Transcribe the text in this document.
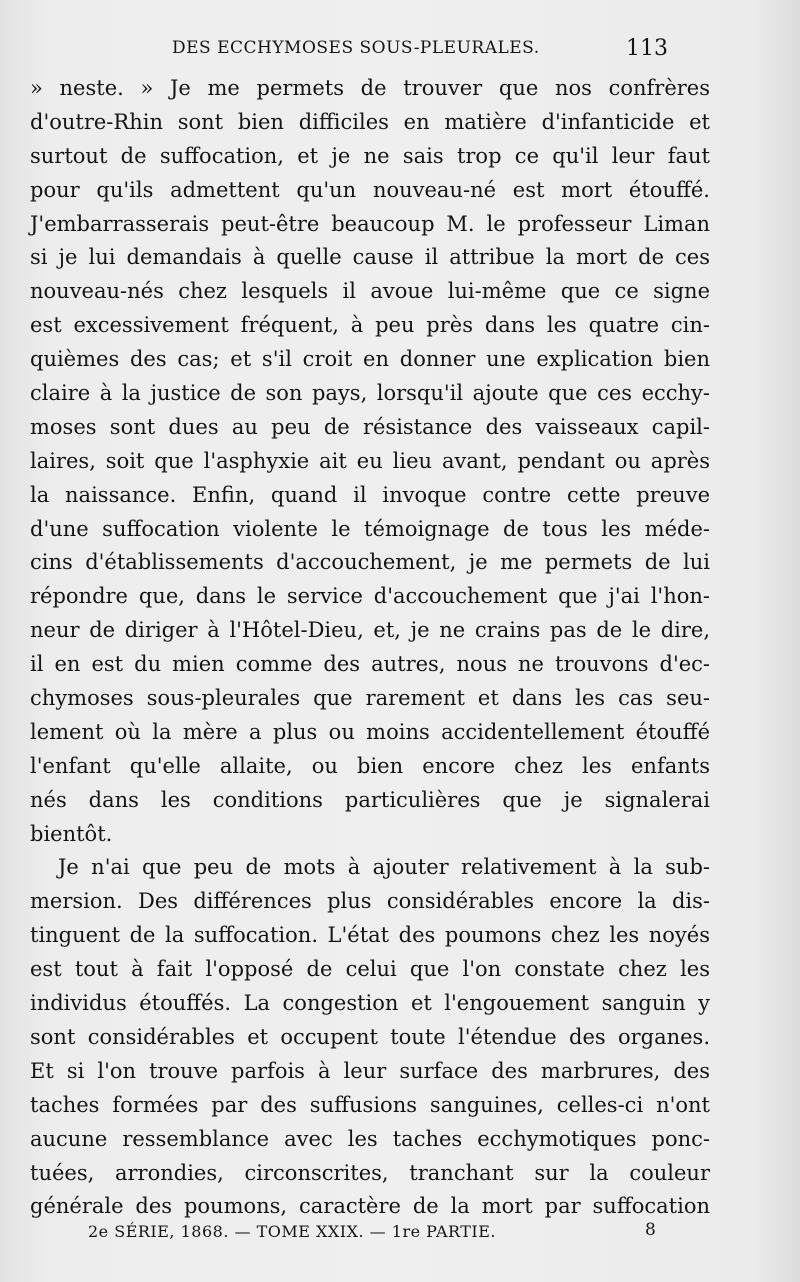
DES ECCHYMOSES SOUS-PLEURALES.	113
» neste. » Je me permets de trouver que nos confrères
d'outre-Rhin sont bien difficiles en matière d'infanticide et
surtout de suffocation, et je ne sais trop ce qu'il leur faut
pour qu'ils admettent qu'un nouveau-né est mort étouffé.
J'embarrasserais peut-être beaucoup M. le professeur Liman
si je lui demandais à quelle cause il attribue la mort de ces
nouveau-nés chez lesquels il avoue lui-même que ce signe
est excessivement fréquent, à peu près dans les quatre cin-
quièmes des cas; et s'il croit en donner une explication bien
claire à la justice de son pays, lorsqu'il ajoute que ces ecchy-
moses sont dues au peu de résistance des vaisseaux capil-
laires, soit que l'asphyxie ait eu lieu avant, pendant ou après
la naissance. Enfin, quand il invoque contre cette preuve
d'une suffocation violente le témoignage de tous les méde-
cins d'établissements d'accouchement, je me permets de lui
répondre que, dans le service d'accouchement que j'ai l'hon-
neur de diriger à l'Hôtel-Dieu, et, je ne crains pas de le dire,
il en est du mien comme des autres, nous ne trouvons d'ec-
chymoses sous-pleurales que rarement et dans les cas seu-
lement où la mère a plus ou moins accidentellement étouffé
l'enfant qu'elle allaite, ou bien encore chez les enfants
nés dans les conditions particulières que je signalerai
bientôt.
Je n'ai que peu de mots à ajouter relativement à la sub-
mersion. Des différences plus considérables encore la dis-
tinguent de la suffocation. L'état des poumons chez les noyés
est tout à fait l'opposé de celui que l'on constate chez les
individus étouffés. La congestion et l'engouement sanguin y
sont considérables et occupent toute l'étendue des organes.
Et si l'on trouve parfois à leur surface des marbrures, des
taches formées par des suffusions sanguines, celles-ci n'ont
aucune ressemblance avec les taches ecchymotiques ponc-
tuées, arrondies, circonscrites, tranchant sur la couleur
générale des poumons, caractère de la mort par suffocation
2e SÉRIE, 1868. — TOME XXIX. — 1re PARTIE.	8
